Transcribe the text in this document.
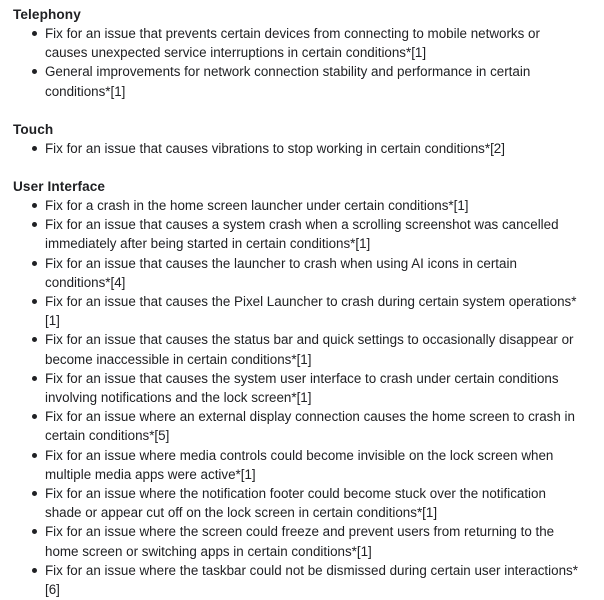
Telephony
Fix for an issue that prevents certain devices from connecting to mobile networks or causes unexpected service interruptions in certain conditions*[1]
General improvements for network connection stability and performance in certain conditions*[1]
Touch
Fix for an issue that causes vibrations to stop working in certain conditions*[2]
User Interface
Fix for a crash in the home screen launcher under certain conditions*[1]
Fix for an issue that causes a system crash when a scrolling screenshot was cancelled immediately after being started in certain conditions*[1]
Fix for an issue that causes the launcher to crash when using AI icons in certain conditions*[4]
Fix for an issue that causes the Pixel Launcher to crash during certain system operations*[1]
Fix for an issue that causes the status bar and quick settings to occasionally disappear or become inaccessible in certain conditions*[1]
Fix for an issue that causes the system user interface to crash under certain conditions involving notifications and the lock screen*[1]
Fix for an issue where an external display connection causes the home screen to crash in certain conditions*[5]
Fix for an issue where media controls could become invisible on the lock screen when multiple media apps were active*[1]
Fix for an issue where the notification footer could become stuck over the notification shade or appear cut off on the lock screen in certain conditions*[1]
Fix for an issue where the screen could freeze and prevent users from returning to the home screen or switching apps in certain conditions*[1]
Fix for an issue where the taskbar could not be dismissed during certain user interactions*[6]
